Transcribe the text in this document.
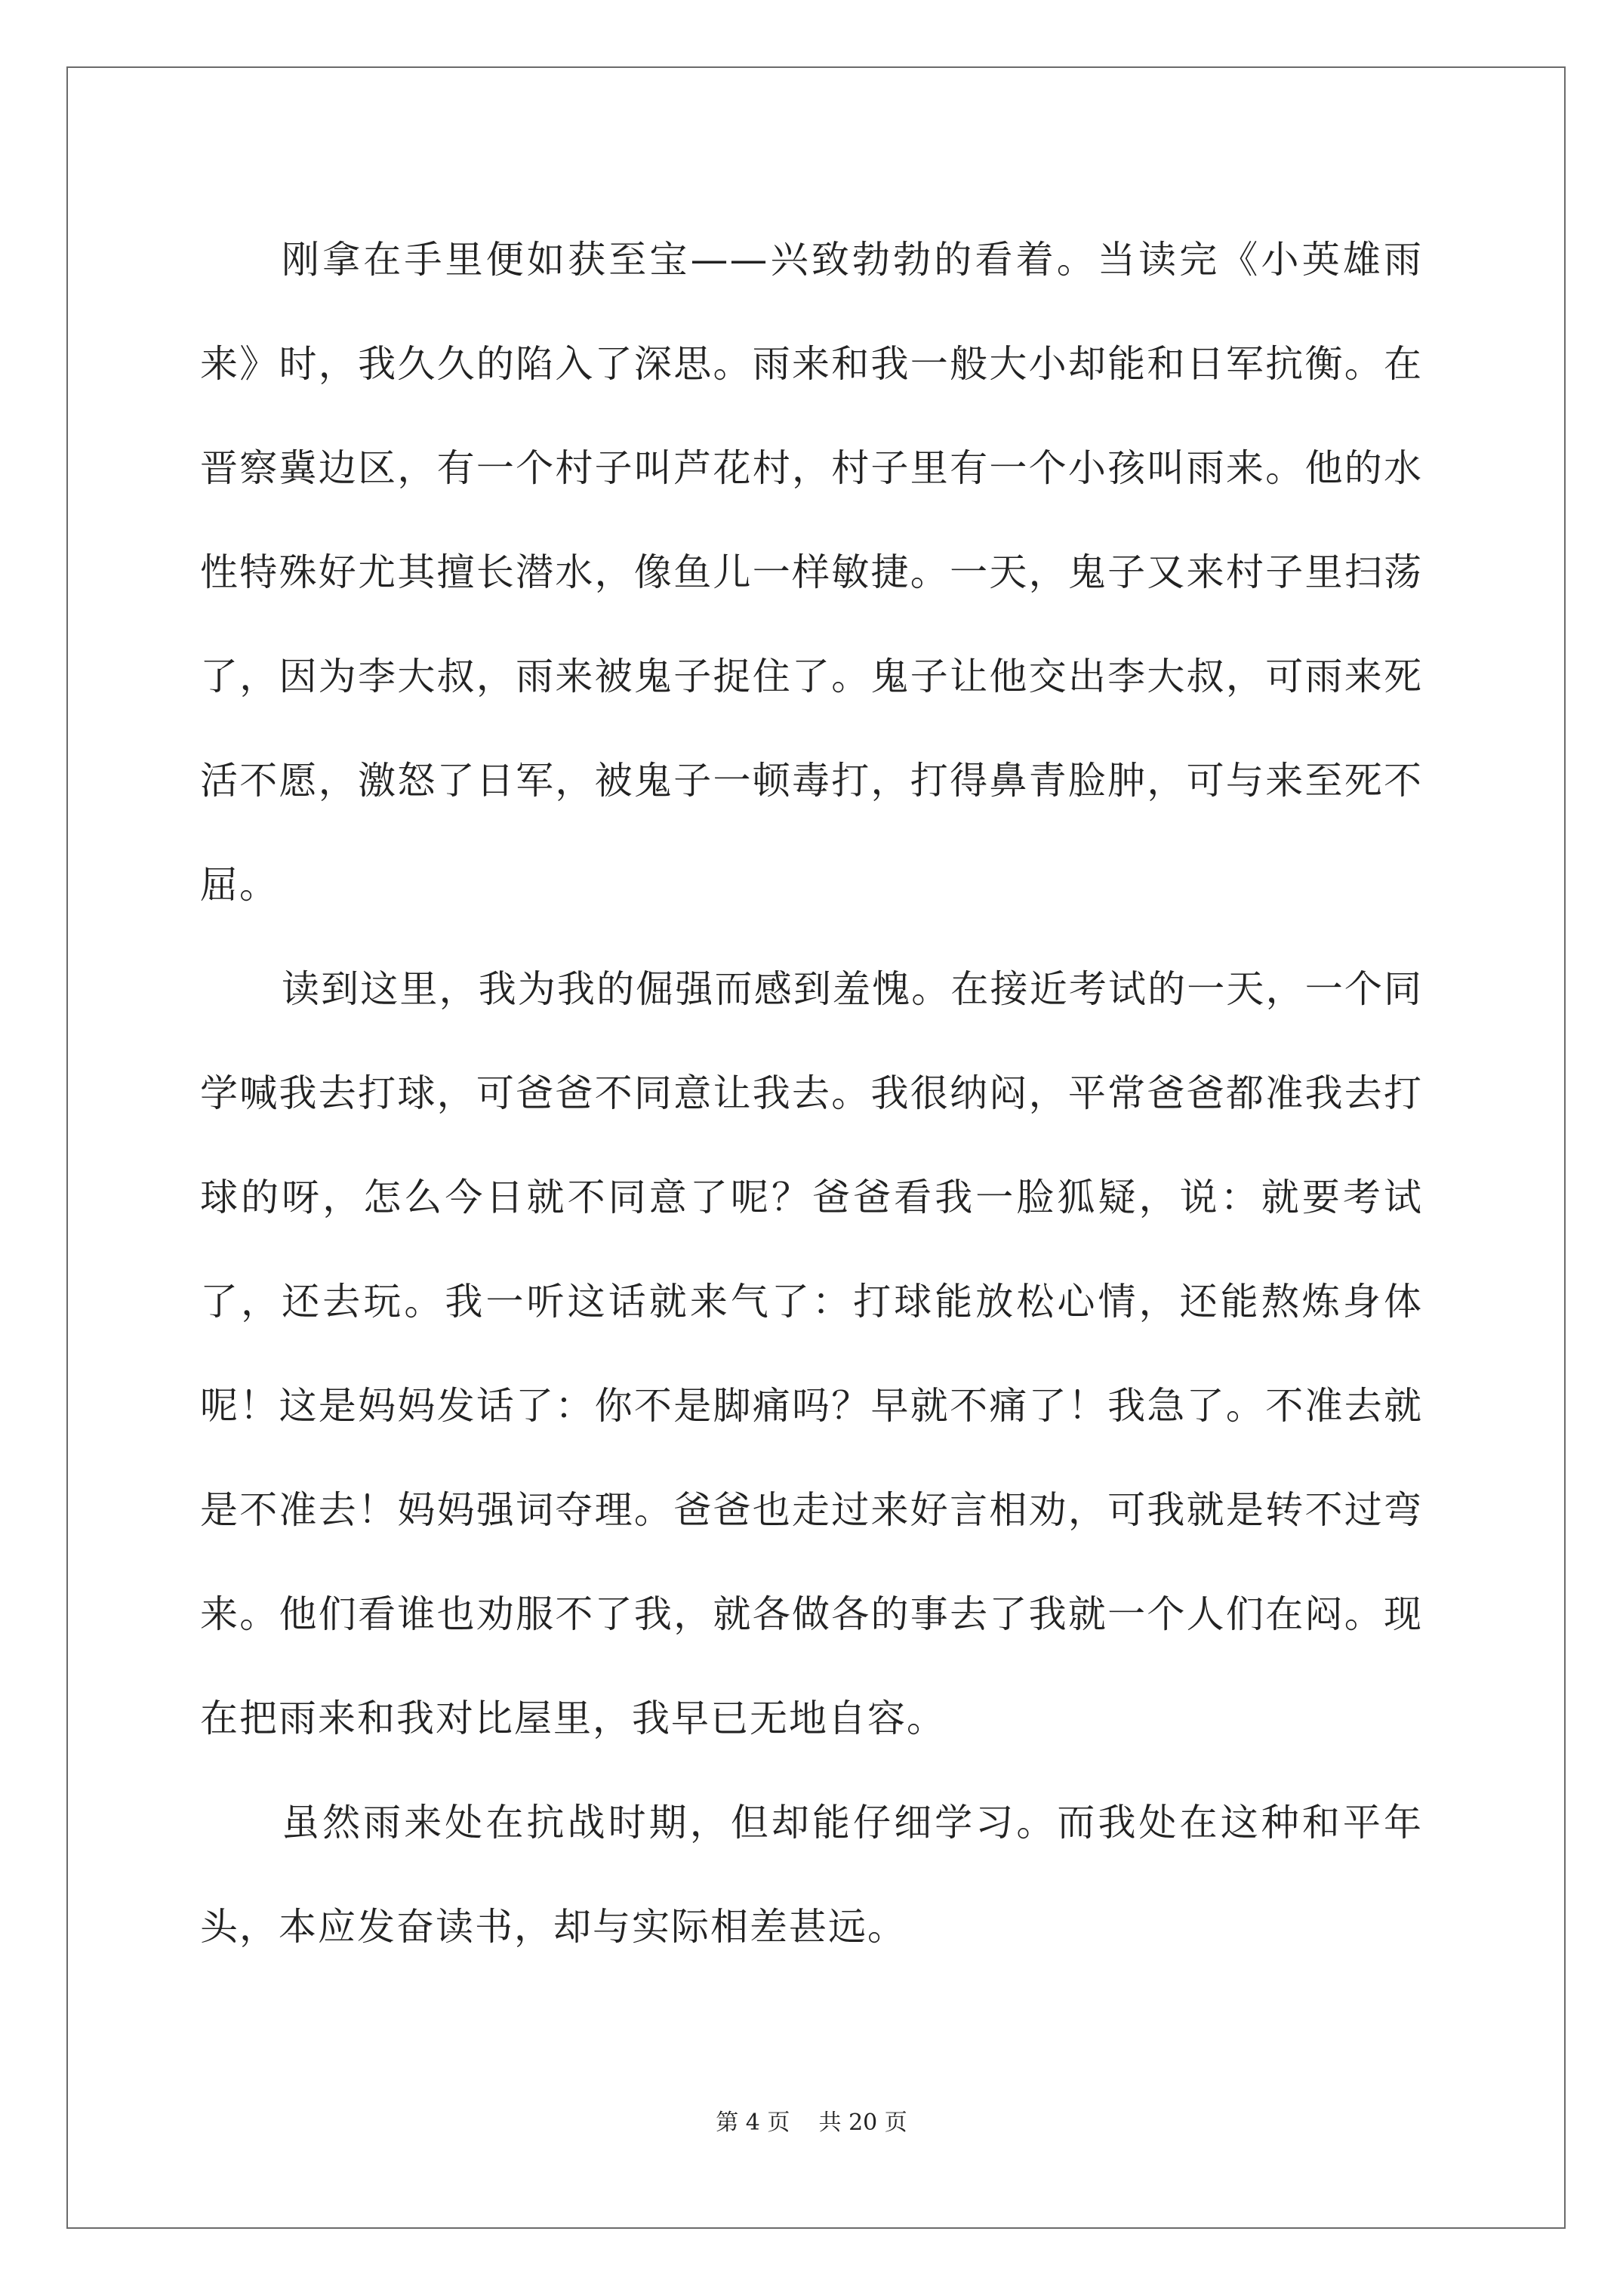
刚拿在手里便如获至宝——兴致勃勃的看着。当读完《小英雄雨来》时，我久久的陷入了深思。雨来和我一般大小却能和日军抗衡。在晋察冀边区，有一个村子叫芦花村，村子里有一个小孩叫雨来。他的水性特殊好尤其擅长潜水，像鱼儿一样敏捷。一天，鬼子又来村子里扫荡了，因为李大叔，雨来被鬼子捉住了。鬼子让他交出李大叔，可雨来死活不愿，激怒了日军，被鬼子一顿毒打，打得鼻青脸肿，可与来至死不屈。

读到这里，我为我的倔强而感到羞愧。在接近考试的一天，一个同学喊我去打球，可爸爸不同意让我去。我很纳闷，平常爸爸都准我去打球的呀，怎么今日就不同意了呢？爸爸看我一脸狐疑，说：就要考试了，还去玩。我一听这话就来气了：打球能放松心情，还能熬炼身体呢！这是妈妈发话了：你不是脚痛吗？早就不痛了！我急了。不准去就是不准去！妈妈强词夺理。爸爸也走过来好言相劝，可我就是转不过弯来。他们看谁也劝服不了我，就各做各的事去了我就一个人们在闷。现在把雨来和我对比屋里，我早已无地自容。

虽然雨来处在抗战时期，但却能仔细学习。而我处在这种和平年头，本应发奋读书，却与实际相差甚远。

第 4 页 共 20 页
